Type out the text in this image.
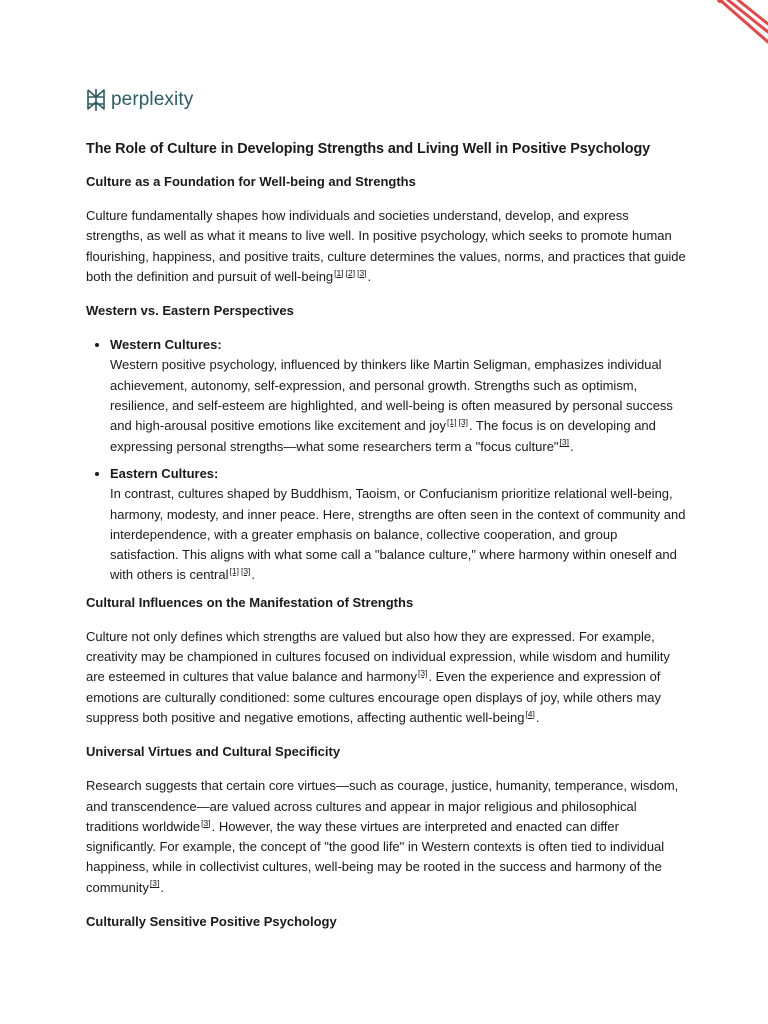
perplexity
The Role of Culture in Developing Strengths and Living Well in Positive Psychology
Culture as a Foundation for Well-being and Strengths

Culture fundamentally shapes how individuals and societies understand, develop, and express strengths, as well as what it means to live well. In positive psychology, which seeks to promote human flourishing, happiness, and positive traits, culture determines the values, norms, and practices that guide both the definition and pursuit of well-being[1] [2] [3].

Western vs. Eastern Perspectives
• Western Cultures:
Western positive psychology, influenced by thinkers like Martin Seligman, emphasizes individual achievement, autonomy, self-expression, and personal growth. Strengths such as optimism, resilience, and self-esteem are highlighted, and well-being is often measured by personal success and high-arousal positive emotions like excitement and joy[1] [3]. The focus is on developing and expressing personal strengths—what some researchers term a "focus culture"[3].
• Eastern Cultures:
In contrast, cultures shaped by Buddhism, Taoism, or Confucianism prioritize relational well-being, harmony, modesty, and inner peace. Here, strengths are often seen in the context of community and interdependence, with a greater emphasis on balance, collective cooperation, and group satisfaction. This aligns with what some call a "balance culture," where harmony within oneself and with others is central[1] [3].
Cultural Influences on the Manifestation of Strengths

Culture not only defines which strengths are valued but also how they are expressed. For example, creativity may be championed in cultures focused on individual expression, while wisdom and humility are esteemed in cultures that value balance and harmony[3]. Even the experience and expression of emotions are culturally conditioned: some cultures encourage open displays of joy, while others may suppress both positive and negative emotions, affecting authentic well-being[4].

Universal Virtues and Cultural Specificity

Research suggests that certain core virtues—such as courage, justice, humanity, temperance, wisdom, and transcendence—are valued across cultures and appear in major religious and philosophical traditions worldwide[3]. However, the way these virtues are interpreted and enacted can differ significantly. For example, the concept of "the good life" in Western contexts is often tied to individual happiness, while in collectivist cultures, well-being may be rooted in the success and harmony of the community[3].

Culturally Sensitive Positive Psychology
